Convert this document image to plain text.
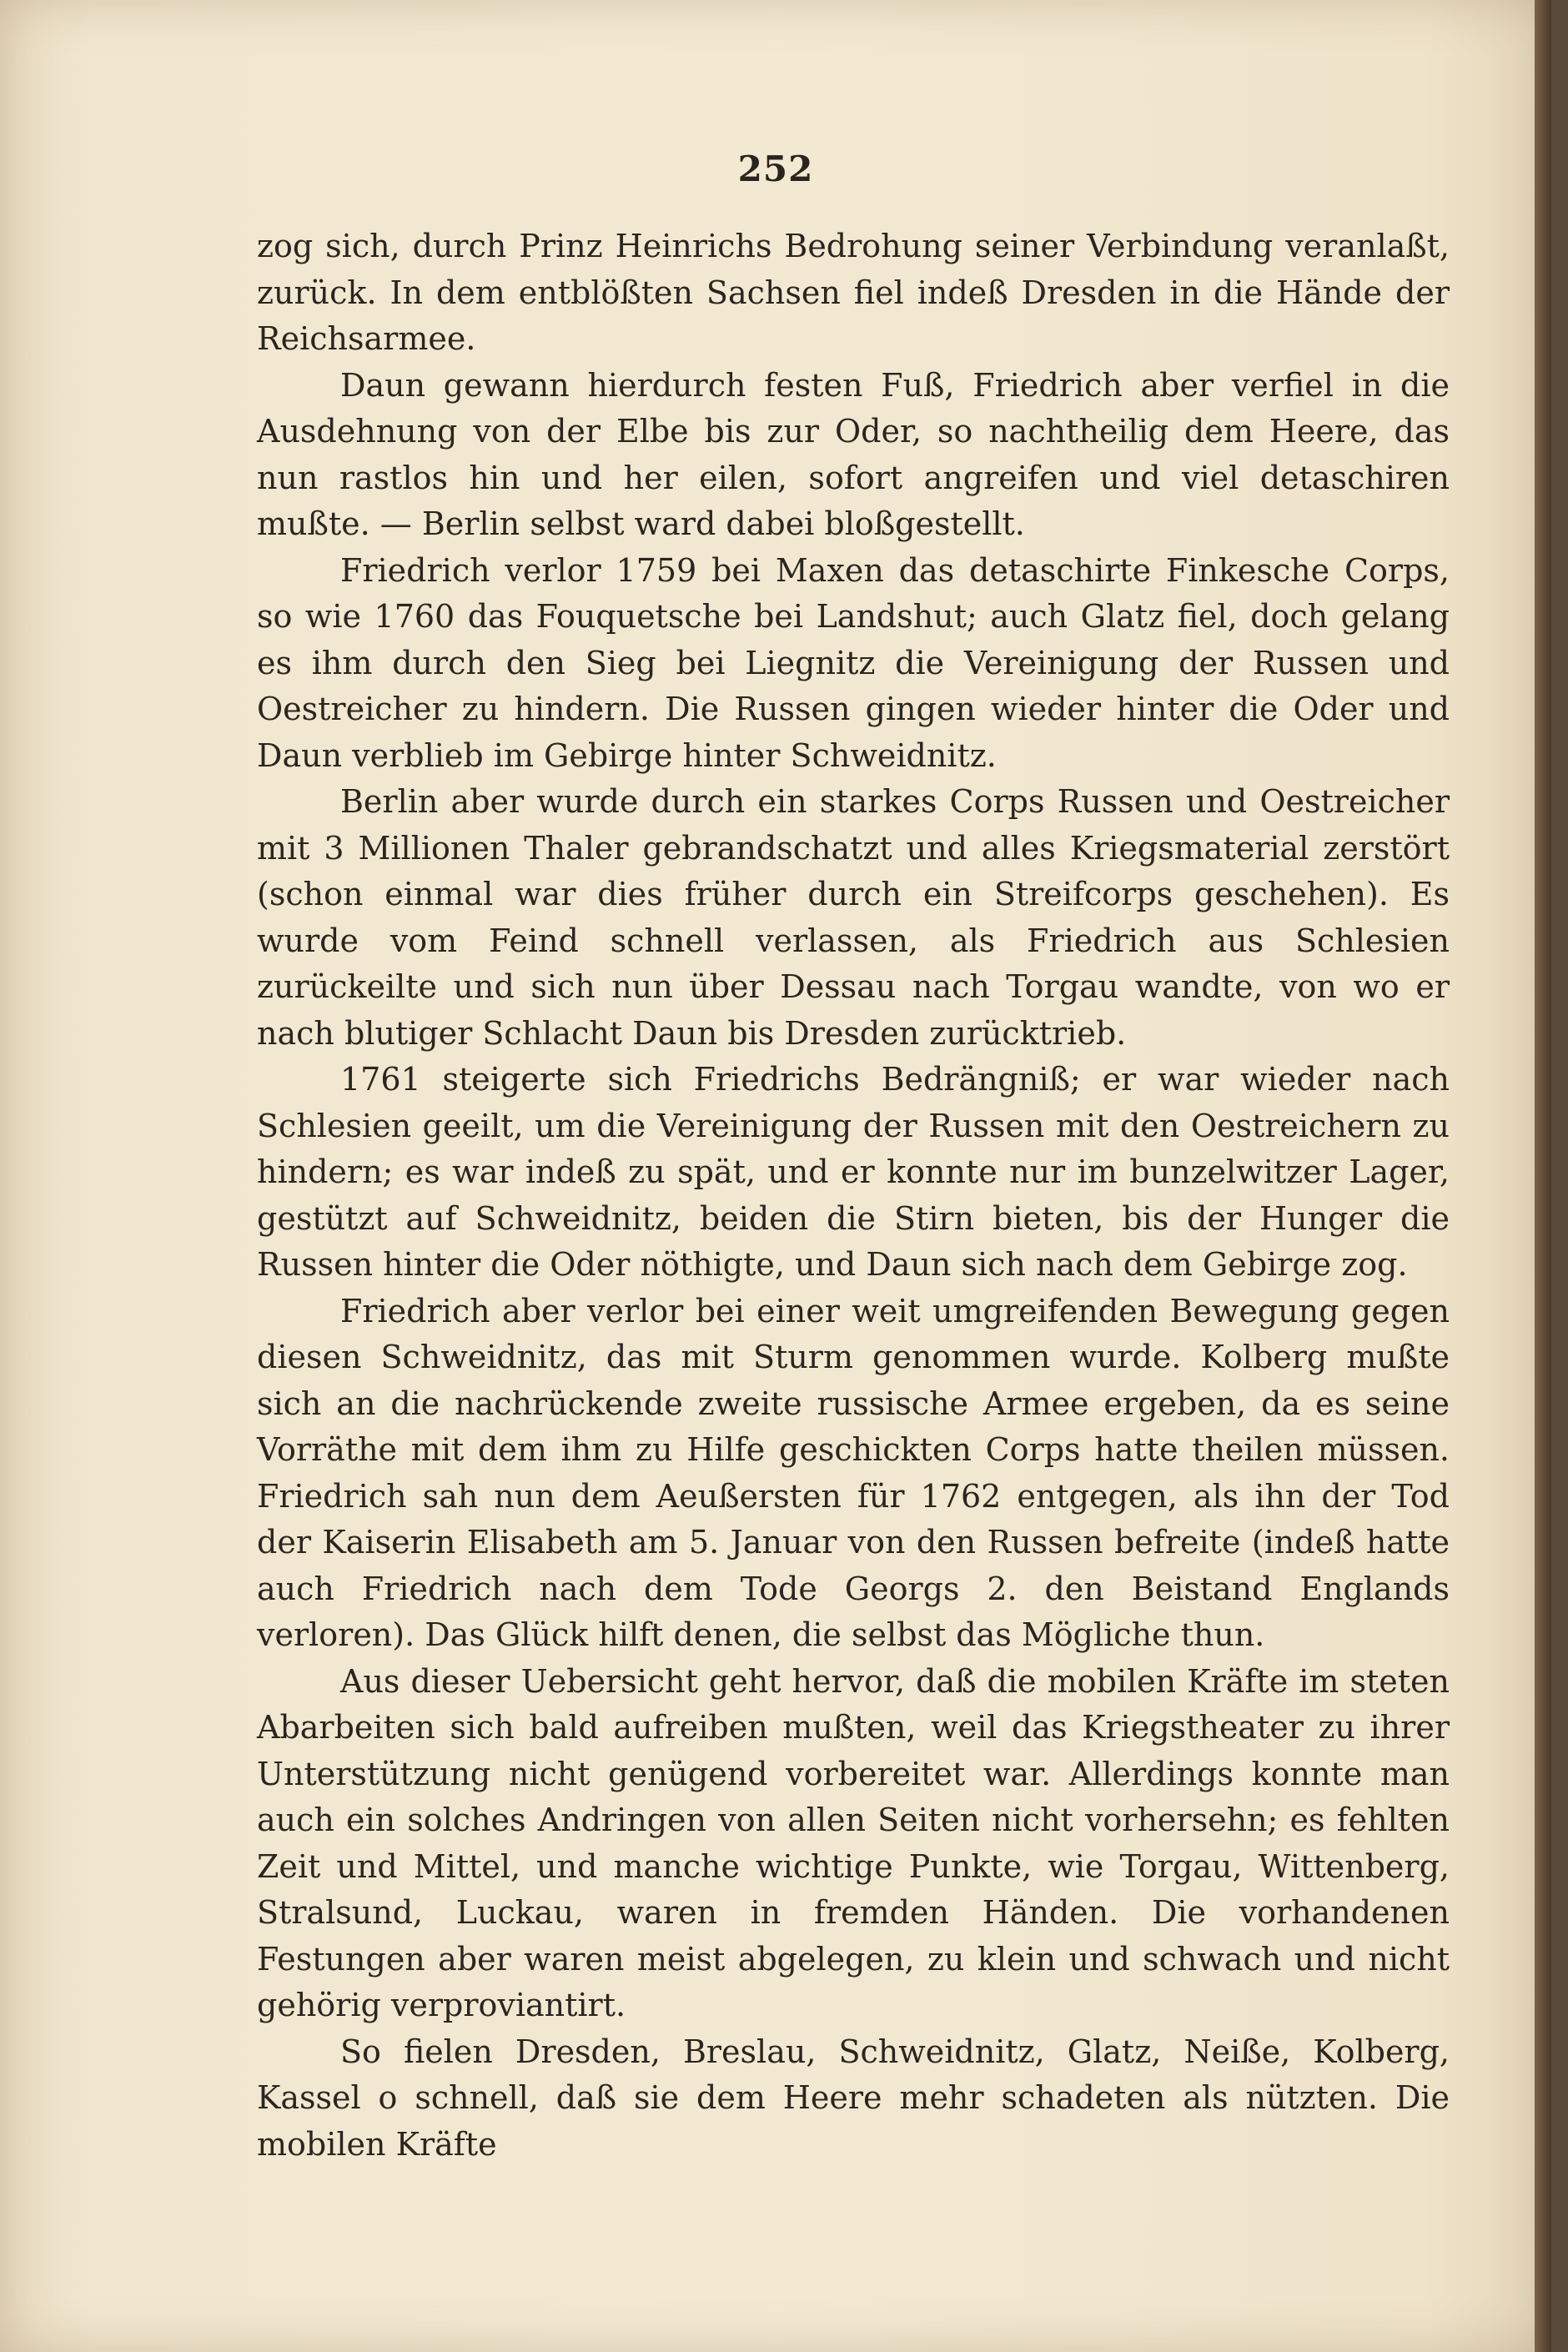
252

zog sich, durch Prinz Heinrichs Bedrohung seiner Verbindung veranlaßt, zurück. In dem entblößten Sachsen fiel indeß Dresden in die Hände der Reichsarmee.

Daun gewann hierdurch festen Fuß, Friedrich aber verfiel in die Ausdehnung von der Elbe bis zur Oder, so nachtheilig dem Heere, das nun rastlos hin und her eilen, sofort angreifen und viel detaschiren mußte. — Berlin selbst ward dabei bloßgestellt.

Friedrich verlor 1759 bei Maxen das detaschirte Finkesche Corps, so wie 1760 das Fouquetsche bei Landshut; auch Glatz fiel, doch gelang es ihm durch den Sieg bei Liegnitz die Vereinigung der Russen und Oestreicher zu hindern. Die Russen gingen wieder hinter die Oder und Daun verblieb im Gebirge hinter Schweidnitz.

Berlin aber wurde durch ein starkes Corps Russen und Oestreicher mit 3 Millionen Thaler gebrandschatzt und alles Kriegsmaterial zerstört (schon einmal war dies früher durch ein Streifcorps geschehen). Es wurde vom Feind schnell verlassen, als Friedrich aus Schlesien zurückeilte und sich nun über Dessau nach Torgau wandte, von wo er nach blutiger Schlacht Daun bis Dresden zurücktrieb.

1761 steigerte sich Friedrichs Bedrängniß; er war wieder nach Schlesien geeilt, um die Vereinigung der Russen mit den Oestreichern zu hindern; es war indeß zu spät, und er konnte nur im bunzelwitzer Lager, gestützt auf Schweidnitz, beiden die Stirn bieten, bis der Hunger die Russen hinter die Oder nöthigte, und Daun sich nach dem Gebirge zog.

Friedrich aber verlor bei einer weit umgreifenden Bewegung gegen diesen Schweidnitz, das mit Sturm genommen wurde. Kolberg mußte sich an die nachrückende zweite russische Armee ergeben, da es seine Vorräthe mit dem ihm zu Hilfe geschickten Corps hatte theilen müssen. Friedrich sah nun dem Aeußersten für 1762 entgegen, als ihn der Tod der Kaiserin Elisabeth am 5. Januar von den Russen befreite (indeß hatte auch Friedrich nach dem Tode Georgs 2. den Beistand Englands verloren). Das Glück hilft denen, die selbst das Mögliche thun.

Aus dieser Uebersicht geht hervor, daß die mobilen Kräfte im steten Abarbeiten sich bald aufreiben mußten, weil das Kriegstheater zu ihrer Unterstützung nicht genügend vorbereitet war. Allerdings konnte man auch ein solches Andringen von allen Seiten nicht vorhersehn; es fehlten Zeit und Mittel, und manche wichtige Punkte, wie Torgau, Wittenberg, Stralsund, Luckau, waren in fremden Händen. Die vorhandenen Festungen aber waren meist abgelegen, zu klein und schwach und nicht gehörig verproviantirt.

So fielen Dresden, Breslau, Schweidnitz, Glatz, Neiße, Kolberg, Kassel o schnell, daß sie dem Heere mehr schadeten als nützten. Die mobilen Kräfte
